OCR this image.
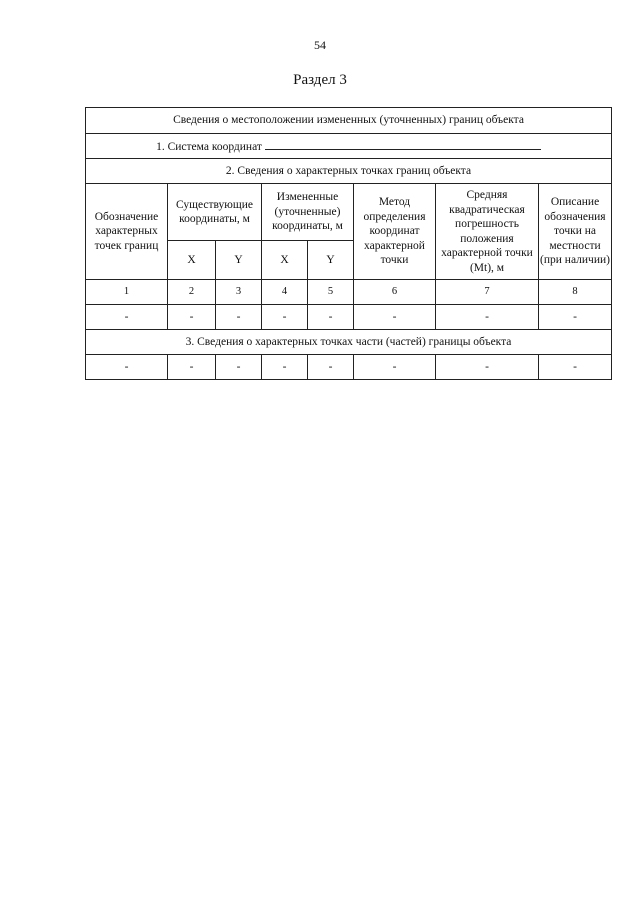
54
Раздел 3
Сведения о местоположении измененных (уточненных) границ объекта							
1. Система координат							
2. Сведения о характерных точках границ объекта							
Обозначение характерных точек границ	Существующие координаты, м		Измененные (уточненные) координаты, м		Метод определения координат характерной точки	Средняя квадратическая погрешность положения характерной точки (Mt), м	Описание обозначения точки на местности (при наличии)
	X	Y	X	Y			
1	2	3	4	5	6	7	8
-	-	-	-	-	-	-	-
3. Сведения о характерных точках части (частей) границы объекта							
-	-	-	-	-	-	-	-
